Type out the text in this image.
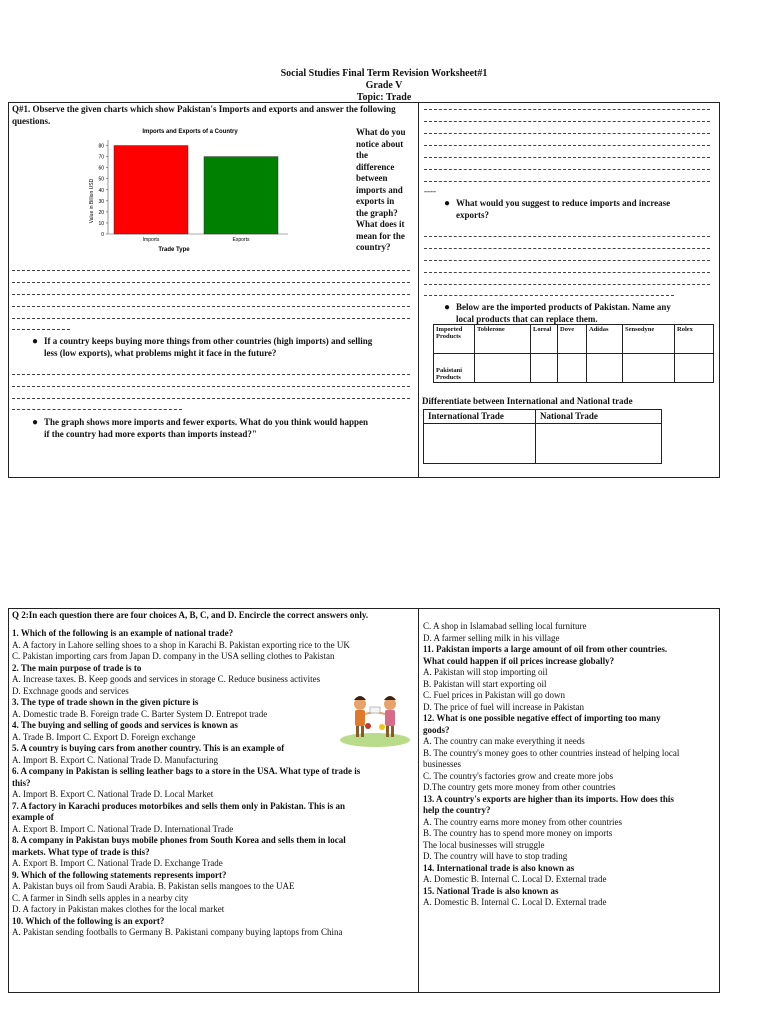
Social Studies Final Term Revision Worksheet#1
Grade V
Topic: Trade
Q#1. Observe the given charts which show Pakistan's Imports and exports and answer the following questions.
Imports and Exports of a Country
Value in Billion USD
0
10
20
30
40
50
60
70
80
Imports	Exports
Trade Type
What do you
notice about
the
difference
between
imports and
exports in
the graph?
What does it
mean for the
country?
● If a country keeps buying more things from other countries (high imports) and selling
less (low exports), what problems might it face in the future?
● The graph shows more imports and fewer exports. What do you think would happen
if the country had more exports than imports instead?"
----
● What would you suggest to reduce imports and increase
exports?
● Below are the imported products of Pakistan. Name any
local products that can replace them.
Imported
Products	Toblerone	Loreal	Dove	Adidas	Sensodyne	Rolex

Pakistani
Products						

Differentiate between International and National trade
International Trade	National Trade

Q 2:In each question there are four choices A, B, C, and D. Encircle the correct answers only.

1. Which of the following is an example of national trade?

A. A factory in Lahore selling shoes to a shop in Karachi B. Pakistan exporting rice to the UK

C. Pakistan importing cars from Japan D. company in the USA selling clothes to Pakistan

2. The main purpose of trade is to

A. Increase taxes. B. Keep goods and services in storage C. Reduce business activites

D. Exchnage goods and services

3. The type of trade shown in the given picture is

A. Domestic trade B. Foreign trade C. Barter System D. Entrepot trade

4. The buying and selling of goods and services is known as

A. Trade B. Import C. Export D. Foreign exchange

5. A country is buying cars from another country. This is an example of

A. Import B. Export C. National Trade D. Manufacturing

6. A company in Pakistan is selling leather bags to a store in the USA. What type of trade is

this?

A. Import B. Export C. National Trade D. Local Market

7. A factory in Karachi produces motorbikes and sells them only in Pakistan. This is an

example of

A. Export B. Import C. National Trade D. International Trade

8. A company in Pakistan buys mobile phones from South Korea and sells them in local

markets. What type of trade is this?

A. Export B. Import C. National Trade D. Exchange Trade

9. Which of the following statements represents import?

A. Pakistan buys oil from Saudi Arabia. B. Pakistan sells mangoes to the UAE

C. A farmer in Sindh sells apples in a nearby city

D. A factory in Pakistan makes clothes for the local market

10. Which of the following is an export?

A. Pakistan sending footballs to Germany B. Pakistani company buying laptops from China

C. A shop in Islamabad selling local furniture

D. A farmer selling milk in his village

11. Pakistan imports a large amount of oil from other countries.

What could happen if oil prices increase globally?

A. Pakistan will stop importing oil

B. Pakistan will start exporting oil

C. Fuel prices in Pakistan will go down

D. The price of fuel will increase in Pakistan

12. What is one possible negative effect of importing too many

goods?

A. The country can make everything it needs

B. The country's money goes to other countries instead of helping local

businesses

C. The country's factories grow and create more jobs

D.The country gets more money from other countries

13. A country's exports are higher than its imports. How does this

help the country?

A. The country earns more money from other countries

B. The country has to spend more money on imports

The local businesses will struggle

D. The country will have to stop trading

14. International trade is also known as

A. Domestic B. Internal C. Local D. External trade

15. National Trade is also known as

A. Domestic B. Internal C. Local D. External trade
